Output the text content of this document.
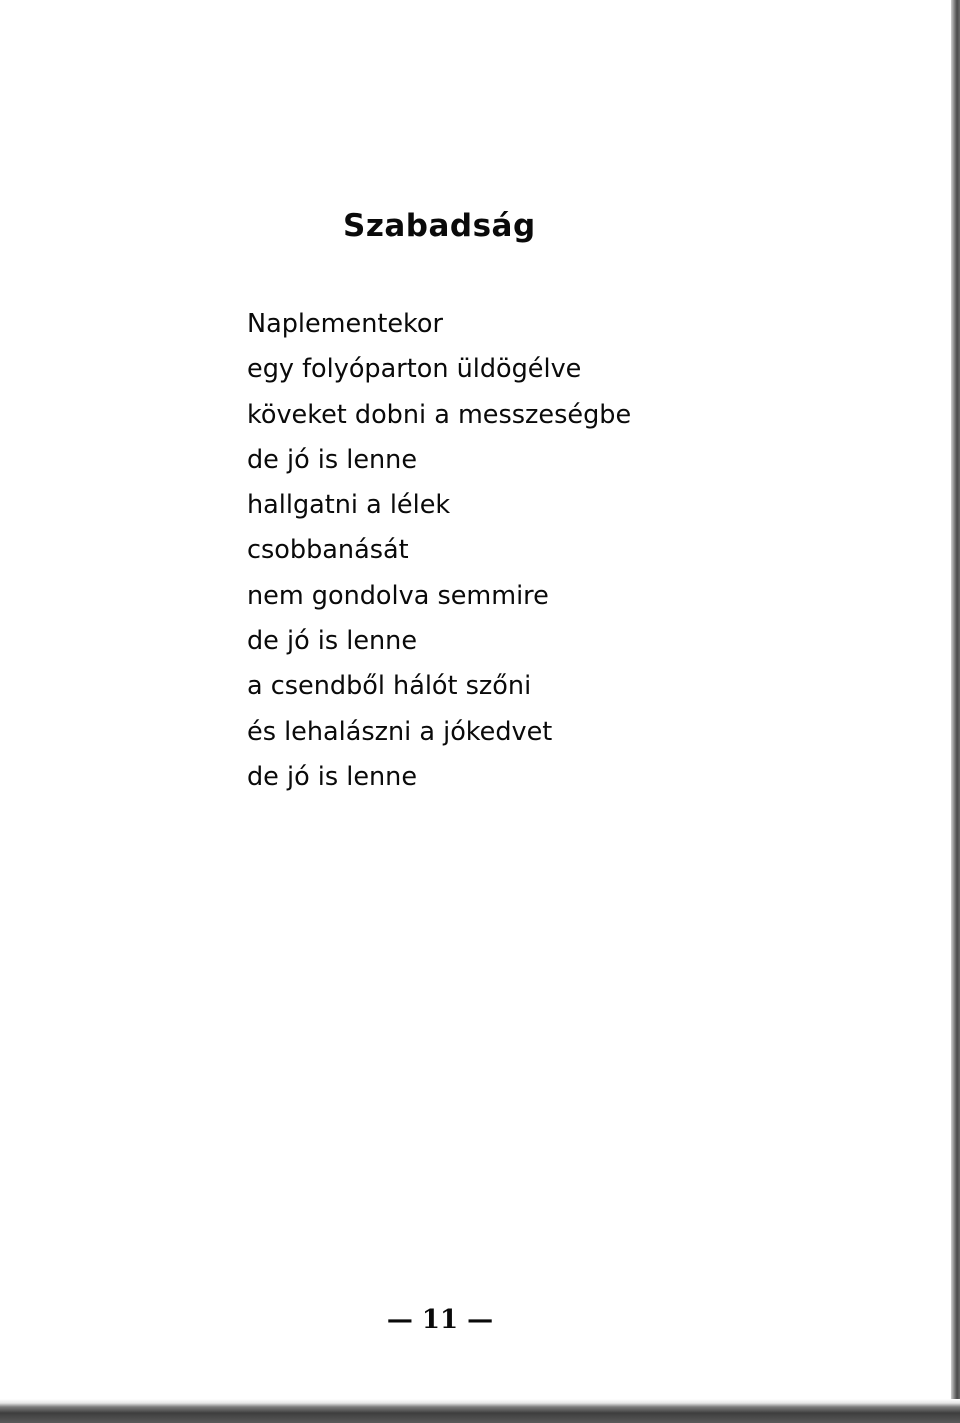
Szabadság
Naplementekor
egy folyóparton üldögélve
köveket dobni a messzeségbe
de jó is lenne
hallgatni a lélek
csobbanását
nem gondolva semmire
de jó is lenne
a csendből hálót szőni
és lehalászni a jókedvet
de jó is lenne
— 11 —
